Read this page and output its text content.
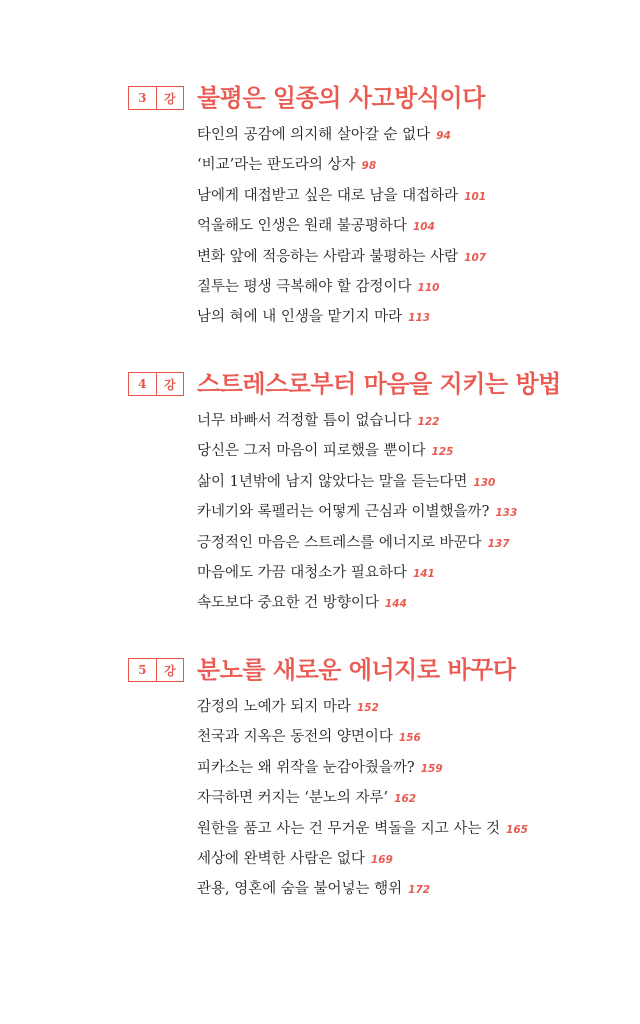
3	강 불평은 일종의 사고방식이다
타인의 공감에 의지해 살아갈 순 없다 94
‘비교’라는 판도라의 상자 98
남에게 대접받고 싶은 대로 남을 대접하라 101
억울해도 인생은 원래 불공평하다 104
변화 앞에 적응하는 사람과 불평하는 사람 107
질투는 평생 극복해야 할 감정이다 110
남의 혀에 내 인생을 맡기지 마라 113
4	강 스트레스로부터 마음을 지키는 방법
너무 바빠서 걱정할 틈이 없습니다 122
당신은 그저 마음이 피로했을 뿐이다 125
삶이 1년밖에 남지 않았다는 말을 듣는다면 130
카네기와 록펠러는 어떻게 근심과 이별했을까? 133
긍정적인 마음은 스트레스를 에너지로 바꾼다 137
마음에도 가끔 대청소가 필요하다 141
속도보다 중요한 건 방향이다 144
5	강 분노를 새로운 에너지로 바꾸다
감정의 노예가 되지 마라 152
천국과 지옥은 동전의 양면이다 156
피카소는 왜 위작을 눈감아줬을까? 159
자극하면 커지는 ‘분노의 자루’ 162
원한을 품고 사는 건 무거운 벽돌을 지고 사는 것 165
세상에 완벽한 사람은 없다 169
관용, 영혼에 숨을 불어넣는 행위 172
